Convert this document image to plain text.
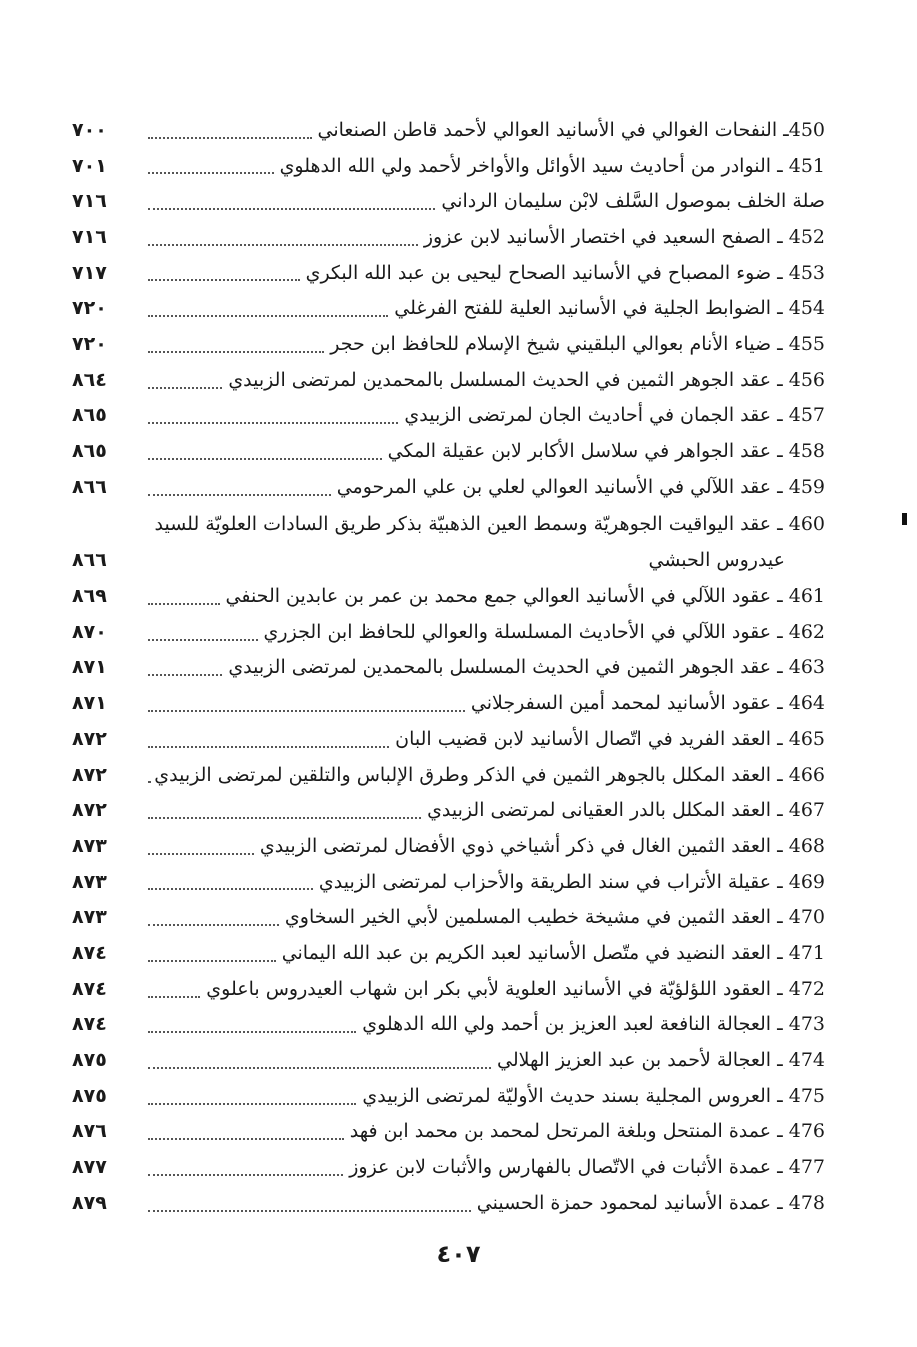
450ـ النفحات الغوالي في الأسانيد العوالي لأحمد قاطن الصنعاني
٧٠٠
451 ـ النوادر من أحاديث سيد الأوائل والأواخر لأحمد ولي الله الدهلوي
٧٠١
صلة الخلف بموصول السَّلف لابْن سليمان الرداني
٧١٦
452 ـ الصفح السعيد في اختصار الأسانيد لابن عزوز
٧١٦
453 ـ ضوء المصباح في الأسانيد الصحاح ليحيى بن عبد الله البكري
٧١٧
454 ـ الضوابط الجلية في الأسانيد العلية للفتح الفرغلي
٧٢٠
455 ـ ضياء الأنام بعوالي البلقيني شيخ الإسلام للحافظ ابن حجر
٧٢٠
456 ـ عقد الجوهر الثمين في الحديث المسلسل بالمحمدين لمرتضى الزبيدي
٨٦٤
457 ـ عقد الجمان في أحاديث الجان لمرتضى الزبيدي
٨٦٥
458 ـ عقد الجواهر في سلاسل الأكابر لابن عقيلة المكي
٨٦٥
459 ـ عقد اللآلي في الأسانيد العوالي لعلي بن علي المرحومي
٨٦٦
460 ـ عقد اليواقيت الجوهريّة وسمط العين الذهبيّة بذكر طريق السادات العلويّة للسيد
عيدروس الحبشي
٨٦٦
461 ـ عقود اللآلي في الأسانيد العوالي جمع محمد بن عمر بن عابدين الحنفي
٨٦٩
462 ـ عقود اللآلي في الأحاديث المسلسلة والعوالي للحافظ ابن الجزري
٨٧٠
463 ـ عقد الجوهر الثمين في الحديث المسلسل بالمحمدين لمرتضى الزبيدي
٨٧١
464 ـ عقود الأسانيد لمحمد أمين السفرجلاني
٨٧١
465 ـ العقد الفريد في اتّصال الأسانيد لابن قضيب البان
٨٧٢
466 ـ العقد المكلل بالجوهر الثمين في الذكر وطرق الإلباس والتلقين لمرتضى الزبيدي
٨٧٢
467 ـ العقد المكلل بالدر العقيانى لمرتضى الزبيدي
٨٧٢
468 ـ العقد الثمين الغال في ذكر أشياخي ذوي الأفضال لمرتضى الزبيدي
٨٧٣
469 ـ عقيلة الأتراب في سند الطريقة والأحزاب لمرتضى الزبيدي
٨٧٣
470 ـ العقد الثمين في مشيخة خطيب المسلمين لأبي الخير السخاوي
٨٧٣
471 ـ العقد النضيد في متّصل الأسانيد لعبد الكريم بن عبد الله اليماني
٨٧٤
472 ـ العقود اللؤلؤيّة في الأسانيد العلوية لأبي بكر ابن شهاب العيدروس باعلوي
٨٧٤
473 ـ العجالة النافعة لعبد العزيز بن أحمد ولي الله الدهلوي
٨٧٤
474 ـ العجالة لأحمد بن عبد العزيز الهلالي
٨٧٥
475 ـ العروس المجلية بسند حديث الأوليّة لمرتضى الزبيدي
٨٧٥
476 ـ عمدة المنتحل وبلغة المرتحل لمحمد بن محمد ابن فهد
٨٧٦
477 ـ عمدة الأثبات في الاتّصال بالفهارس والأثبات لابن عزوز
٨٧٧
478 ـ عمدة الأسانيد لمحمود حمزة الحسيني
٨٧٩
٤٠٧
